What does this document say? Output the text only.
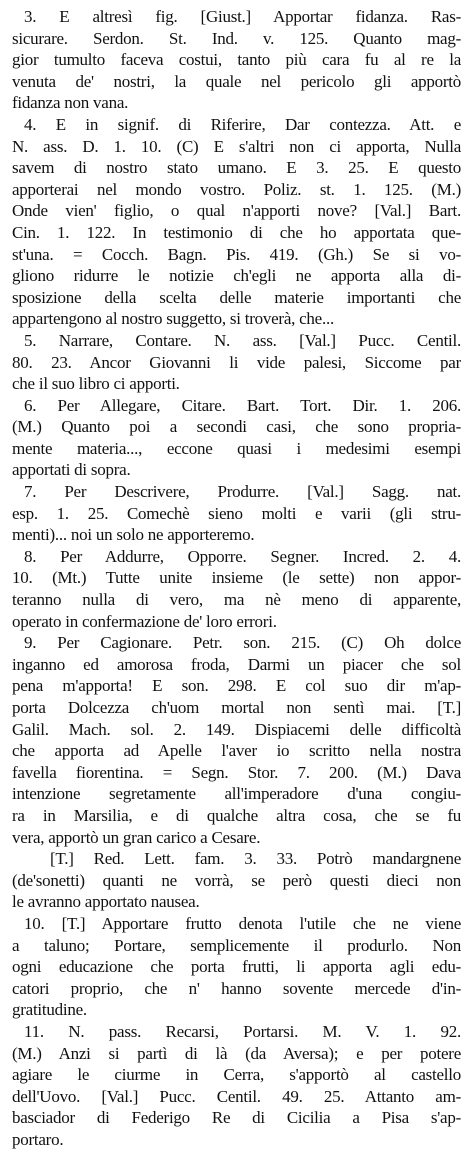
3. E altresì fig. [Giust.] Apportar fidanza. Ras-
sicurare. Serdon. St. Ind. v. 125. Quanto mag-
gior tumulto faceva costui, tanto più cara fu al re la
venuta de' nostri, la quale nel pericolo gli apportò
fidanza non vana.
4. E in signif. di Riferire, Dar contezza. Att. e
N. ass. D. 1. 10. (C) E s'altri non ci apporta, Nulla
savem di nostro stato umano. E 3. 25. E questo
apporterai nel mondo vostro. Poliz. st. 1. 125. (M.)
Onde vien' figlio, o qual n'apporti nove? [Val.] Bart.
Cin. 1. 122. In testimonio di che ho apportata que-
st'una. = Cocch. Bagn. Pis. 419. (Gh.) Se si vo-
gliono ridurre le notizie ch'egli ne apporta alla di-
sposizione della scelta delle materie importanti che
appartengono al nostro suggetto, si troverà, che...
5. Narrare, Contare. N. ass. [Val.] Pucc. Centil.
80. 23. Ancor Giovanni li vide palesi, Siccome par
che il suo libro ci apporti.
6. Per Allegare, Citare. Bart. Tort. Dir. 1. 206.
(M.) Quanto poi a secondi casi, che sono propria-
mente materia..., eccone quasi i medesimi esempi
apportati di sopra.
7. Per Descrivere, Produrre. [Val.] Sagg. nat.
esp. 1. 25. Comechè sieno molti e varii (gli stru-
menti)... noi un solo ne apporteremo.
8. Per Addurre, Opporre. Segner. Incred. 2. 4.
10. (Mt.) Tutte unite insieme (le sette) non appor-
teranno nulla di vero, ma nè meno di apparente,
operato in confermazione de' loro errori.
9. Per Cagionare. Petr. son. 215. (C) Oh dolce
inganno ed amorosa froda, Darmi un piacer che sol
pena m'apporta! E son. 298. E col suo dir m'ap-
porta Dolcezza ch'uom mortal non sentì mai. [T.]
Galil. Mach. sol. 2. 149. Dispiacemi delle difficoltà
che apporta ad Apelle l'aver io scritto nella nostra
favella fiorentina. = Segn. Stor. 7. 200. (M.) Dava
intenzione segretamente all'imperadore d'una congiu-
ra in Marsilia, e di qualche altra cosa, che se fu
vera, apportò un gran carico a Cesare.
[T.] Red. Lett. fam. 3. 33. Potrò mandargnene
(de'sonetti) quanti ne vorrà, se però questi dieci non
le avranno apportato nausea.
10. [T.] Apportare frutto denota l'utile che ne viene
a taluno; Portare, semplicemente il produrlo. Non
ogni educazione che porta frutti, li apporta agli edu-
catori proprio, che n' hanno sovente mercede d'in-
gratitudine.
11. N. pass. Recarsi, Portarsi. M. V. 1. 92.
(M.) Anzi si partì di là (da Aversa); e per potere
agiare le ciurme in Cerra, s'apportò al castello
dell'Uovo. [Val.] Pucc. Centil. 49. 25. Attanto am-
basciador di Federigo Re di Cicilia a Pisa s'ap-
portaro.
